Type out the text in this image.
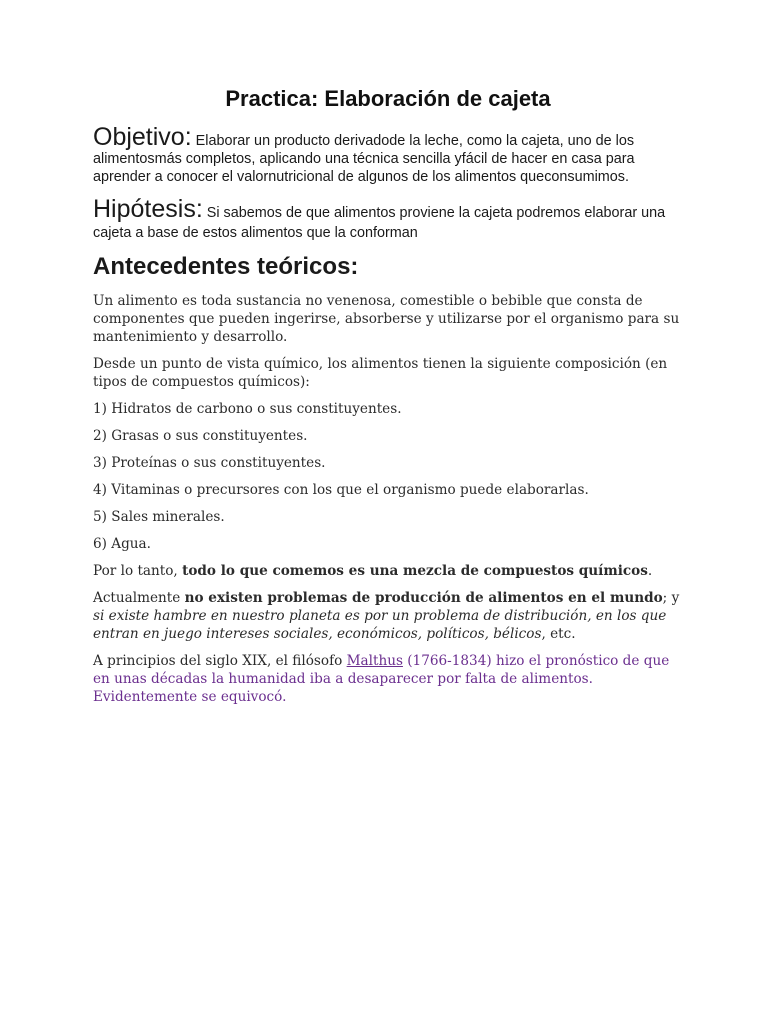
Practica: Elaboración de cajeta

Objetivo: Elaborar un producto derivadode la leche, como la cajeta, uno de los alimentosmás completos, aplicando una técnica sencilla yfácil de hacer en casa para aprender a conocer el valornutricional de algunos de los alimentos queconsumimos.

Hipótesis: Si sabemos de que alimentos proviene la cajeta podremos elaborar una cajeta a base de estos alimentos que la conforman

Antecedentes teóricos:

Un alimento es toda sustancia no venenosa, comestible o bebible que consta de componentes que pueden ingerirse, absorberse y utilizarse por el organismo para su mantenimiento y desarrollo.

Desde un punto de vista químico, los alimentos tienen la siguiente composición (en tipos de compuestos químicos):

1) Hidratos de carbono o sus constituyentes.

2) Grasas o sus constituyentes.

3) Proteínas o sus constituyentes.

4) Vitaminas o precursores con los que el organismo puede elaborarlas.

5) Sales minerales.

6) Agua.

Por lo tanto, todo lo que comemos es una mezcla de compuestos químicos.

Actualmente no existen problemas de producción de alimentos en el mundo; y si existe hambre en nuestro planeta es por un problema de distribución, en los que entran en juego intereses sociales, económicos, políticos, bélicos, etc.

A principios del siglo XIX, el filósofo Malthus (1766-1834) hizo el pronóstico de que en unas décadas la humanidad iba a desaparecer por falta de alimentos. Evidentemente se equivocó.
